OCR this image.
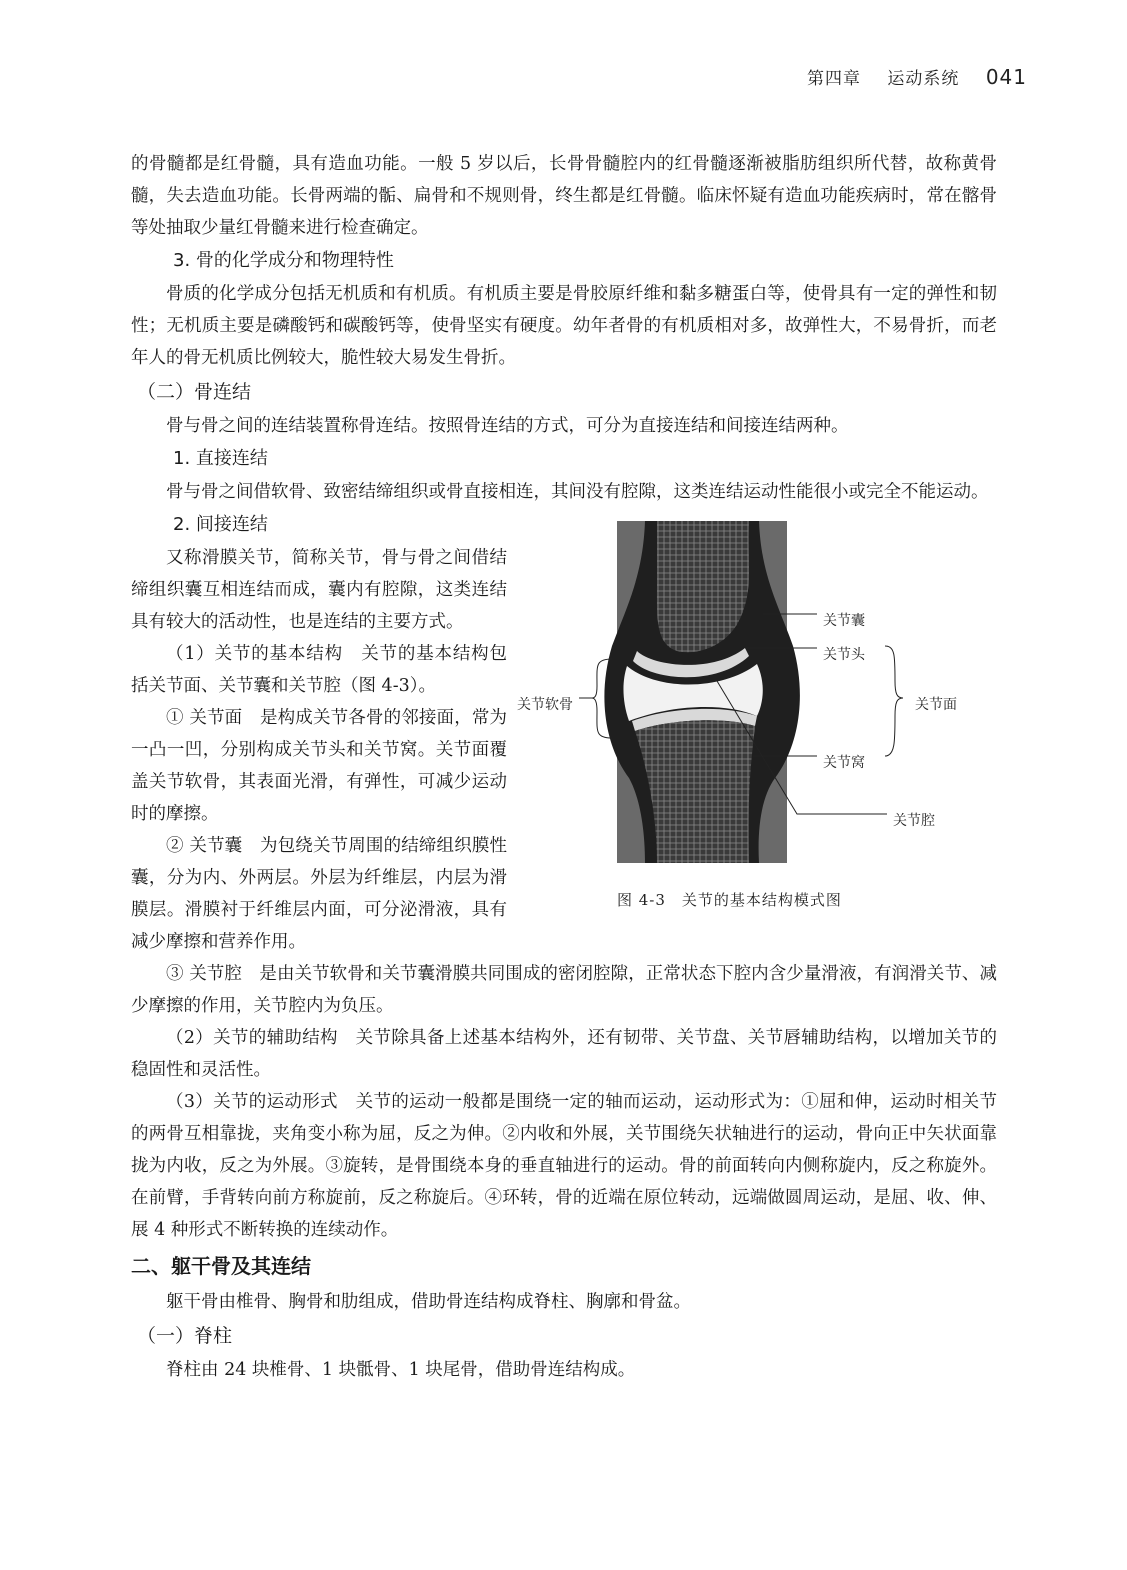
第四章 运动系统 041

的骨髓都是红骨髓，具有造血功能。一般 5 岁以后，长骨骨髓腔内的红骨髓逐渐被脂肪组织所代替，故称黄骨髓，失去造血功能。长骨两端的骺、扁骨和不规则骨，终生都是红骨髓。临床怀疑有造血功能疾病时，常在髂骨等处抽取少量红骨髓来进行检查确定。

3. 骨的化学成分和物理特性

骨质的化学成分包括无机质和有机质。有机质主要是骨胶原纤维和黏多糖蛋白等，使骨具有一定的弹性和韧性；无机质主要是磷酸钙和碳酸钙等，使骨坚实有硬度。幼年者骨的有机质相对多，故弹性大，不易骨折，而老年人的骨无机质比例较大，脆性较大易发生骨折。

（二）骨连结

骨与骨之间的连结装置称骨连结。按照骨连结的方式，可分为直接连结和间接连结两种。

1. 直接连结

骨与骨之间借软骨、致密结缔组织或骨直接相连，其间没有腔隙，这类连结运动性能很小或完全不能运动。

2. 间接连结

关节囊
关节头
关节面
关节软骨
关节窝
关节腔
图 4-3　关节的基本结构模式图

又称滑膜关节，简称关节，骨与骨之间借结缔组织囊互相连结而成，囊内有腔隙，这类连结具有较大的活动性，也是连结的主要方式。

（1）关节的基本结构　关节的基本结构包括关节面、关节囊和关节腔（图 4-3）。

① 关节面　是构成关节各骨的邻接面，常为一凸一凹，分别构成关节头和关节窝。关节面覆盖关节软骨，其表面光滑，有弹性，可减少运动时的摩擦。

② 关节囊　为包绕关节周围的结缔组织膜性囊，分为内、外两层。外层为纤维层，内层为滑膜层。滑膜衬于纤维层内面，可分泌滑液，具有减少摩擦和营养作用。

③ 关节腔　是由关节软骨和关节囊滑膜共同围成的密闭腔隙，正常状态下腔内含少量滑液，有润滑关节、减少摩擦的作用，关节腔内为负压。

（2）关节的辅助结构　关节除具备上述基本结构外，还有韧带、关节盘、关节唇辅助结构，以增加关节的稳固性和灵活性。

（3）关节的运动形式　关节的运动一般都是围绕一定的轴而运动，运动形式为：①屈和伸，运动时相关节的两骨互相靠拢，夹角变小称为屈，反之为伸。②内收和外展，关节围绕矢状轴进行的运动，骨向正中矢状面靠拢为内收，反之为外展。③旋转，是骨围绕本身的垂直轴进行的运动。骨的前面转向内侧称旋内，反之称旋外。在前臂，手背转向前方称旋前，反之称旋后。④环转，骨的近端在原位转动，远端做圆周运动，是屈、收、伸、展 4 种形式不断转换的连续动作。

二、躯干骨及其连结

躯干骨由椎骨、胸骨和肋组成，借助骨连结构成脊柱、胸廓和骨盆。

（一）脊柱

脊柱由 24 块椎骨、1 块骶骨、1 块尾骨，借助骨连结构成。
